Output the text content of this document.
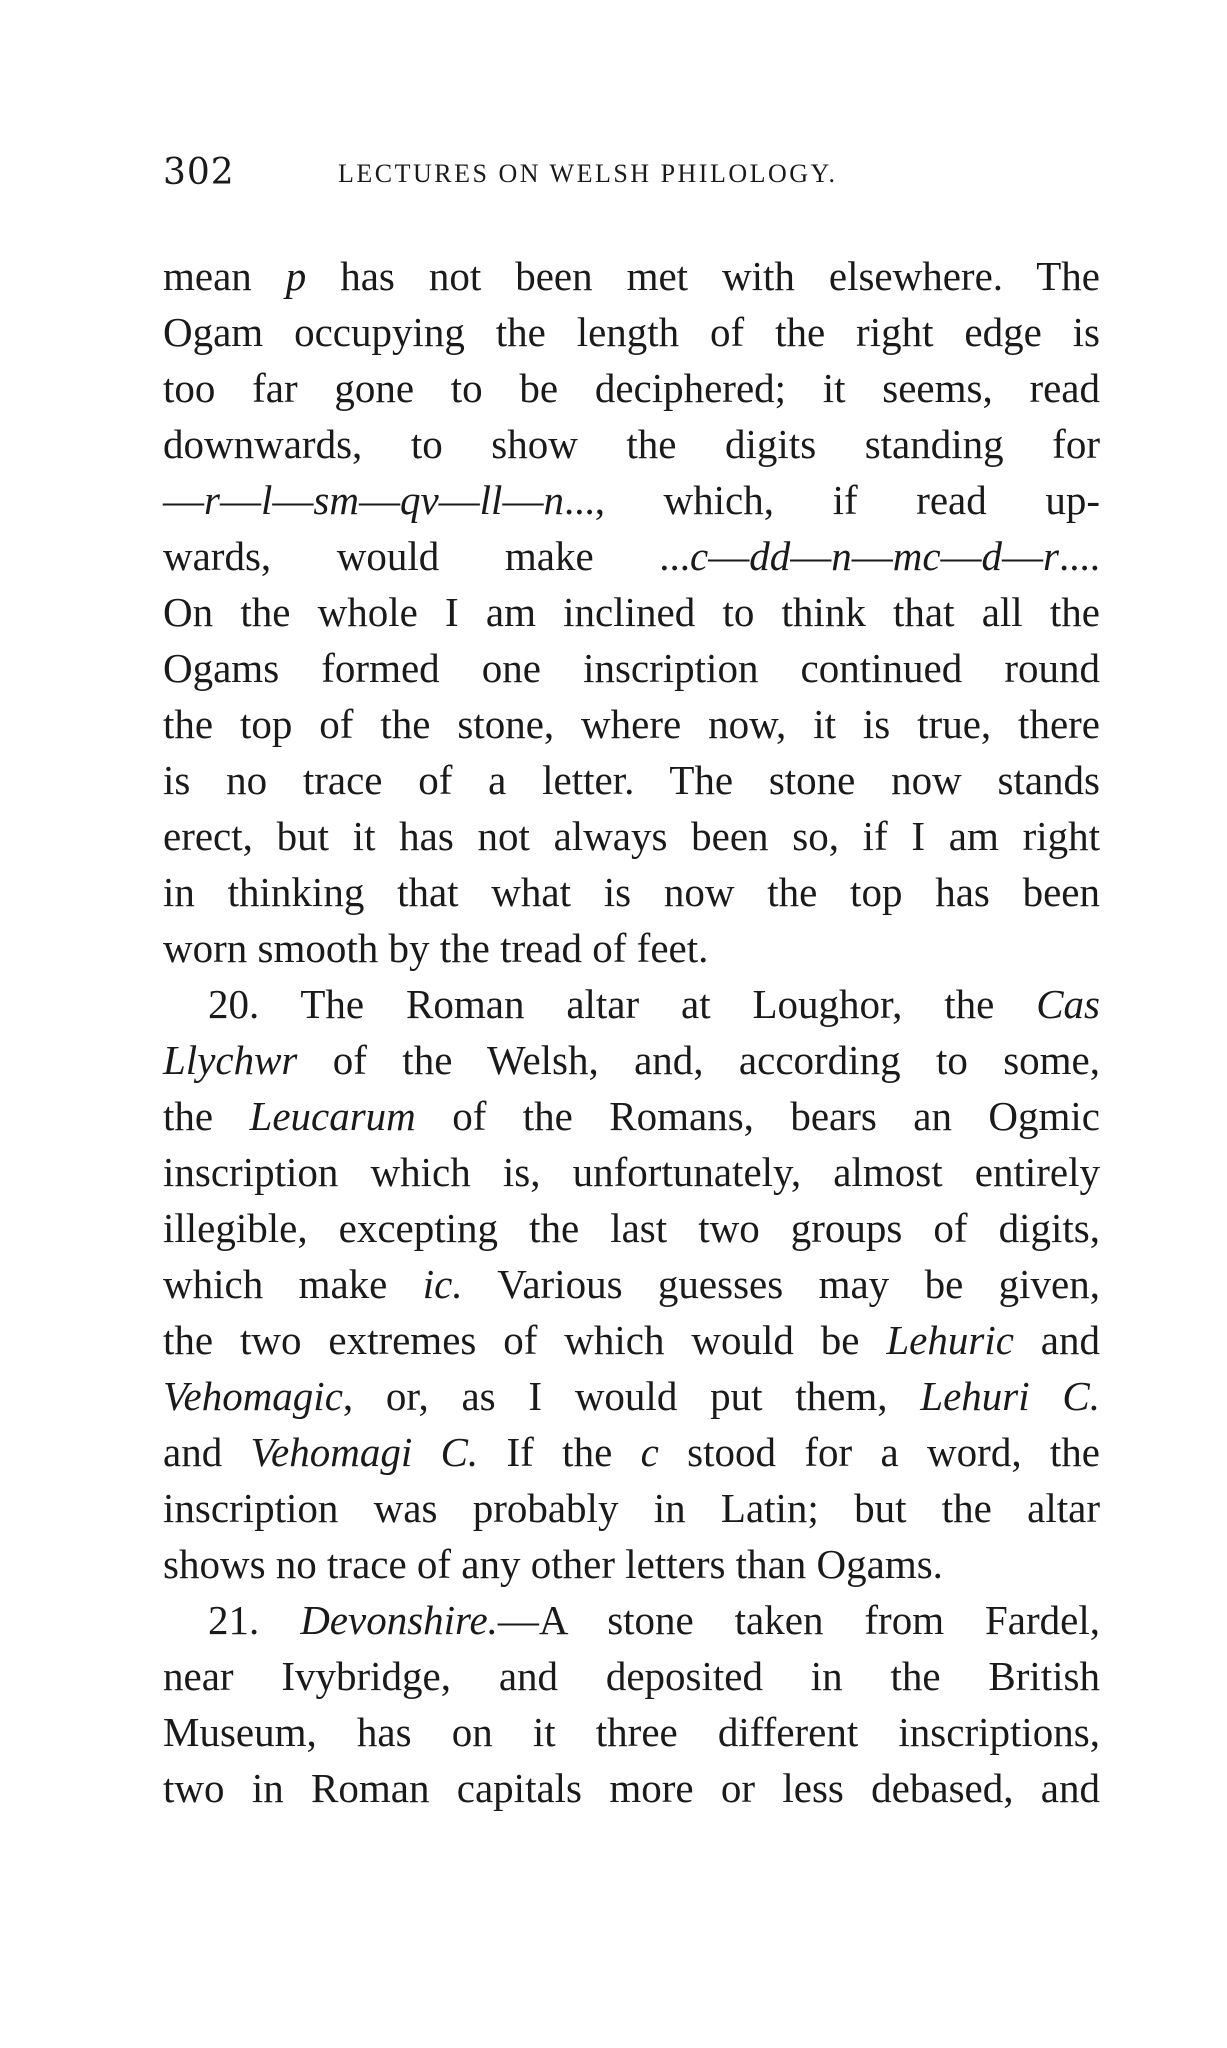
302	LECTURES ON WELSH PHILOLOGY.
mean p has not been met with elsewhere. The
Ogam occupying the length of the right edge is
too far gone to be deciphered; it seems, read
downwards, to show the digits standing for
—r—l—sm—qv—ll—n..., which, if read up-
wards, would make ...c—dd—n—mc—d—r....
On the whole I am inclined to think that all the
Ogams formed one inscription continued round
the top of the stone, where now, it is true, there
is no trace of a letter. The stone now stands
erect, but it has not always been so, if I am right
in thinking that what is now the top has been
worn smooth by the tread of feet.
20. The Roman altar at Loughor, the Cas
Llychwr of the Welsh, and, according to some,
the Leucarum of the Romans, bears an Ogmic
inscription which is, unfortunately, almost entirely
illegible, excepting the last two groups of digits,
which make ic. Various guesses may be given,
the two extremes of which would be Lehuric and
Vehomagic, or, as I would put them, Lehuri C.
and Vehomagi C. If the c stood for a word, the
inscription was probably in Latin; but the altar
shows no trace of any other letters than Ogams.
21. Devonshire.—A stone taken from Fardel,
near Ivybridge, and deposited in the British
Museum, has on it three different inscriptions,
two in Roman capitals more or less debased, and
